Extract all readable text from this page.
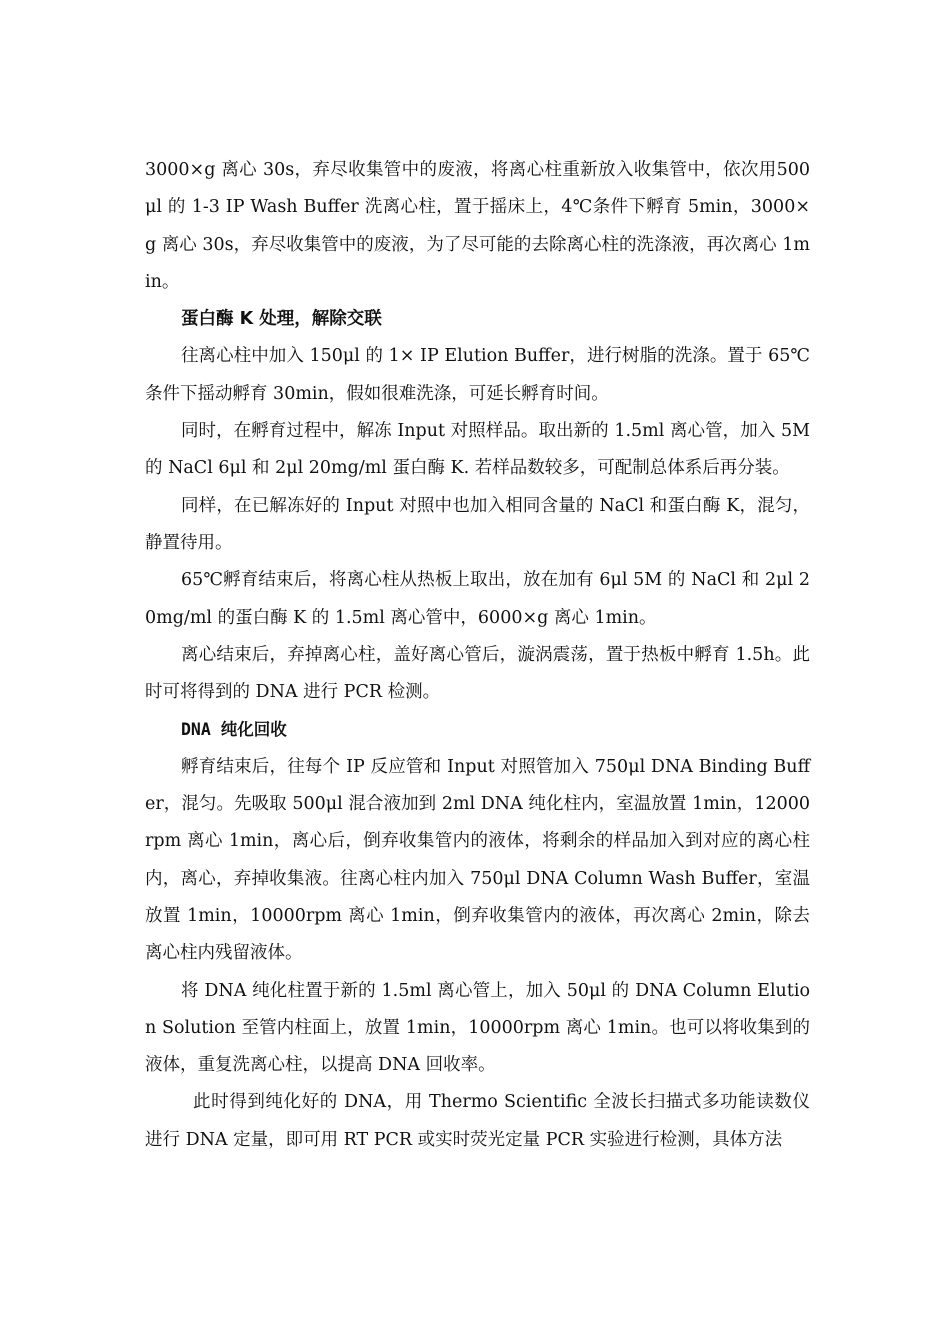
3000×g 离心 30s，弃尽收集管中的废液，将离心柱重新放入收集管中，依次用500μl 的 1-3 IP Wash Buffer 洗离心柱，置于摇床上，4℃条件下孵育 5min，3000×g 离心 30s，弃尽收集管中的废液，为了尽可能的去除离心柱的洗涤液，再次离心 1min。

蛋白酶 K 处理，解除交联

往离心柱中加入 150μl 的 1× IP Elution Buffer，进行树脂的洗涤。置于 65℃条件下摇动孵育 30min，假如很难洗涤，可延长孵育时间。

同时，在孵育过程中，解冻 Input 对照样品。取出新的 1.5ml 离心管，加入 5M 的 NaCl 6μl 和 2μl 20mg/ml 蛋白酶 K. 若样品数较多，可配制总体系后再分装。

同样，在已解冻好的 Input 对照中也加入相同含量的 NaCl 和蛋白酶 K，混匀，静置待用。

65℃孵育结束后，将离心柱从热板上取出，放在加有 6μl 5M 的 NaCl 和 2μl 20mg/ml 的蛋白酶 K 的 1.5ml 离心管中，6000×g 离心 1min。

离心结束后，弃掉离心柱，盖好离心管后，漩涡震荡，置于热板中孵育 1.5h。此时可将得到的 DNA 进行 PCR 检测。

DNA 纯化回收

孵育结束后，往每个 IP 反应管和 Input 对照管加入 750μl DNA Binding Buffer，混匀。先吸取 500μl 混合液加到 2ml DNA 纯化柱内，室温放置 1min，12000rpm 离心 1min，离心后，倒弃收集管内的液体，将剩余的样品加入到对应的离心柱内，离心，弃掉收集液。往离心柱内加入 750μl DNA Column Wash Buffer，室温放置 1min，10000rpm 离心 1min，倒弃收集管内的液体，再次离心 2min，除去离心柱内残留液体。

将 DNA 纯化柱置于新的 1.5ml 离心管上，加入 50μl 的 DNA Column Elution Solution 至管内柱面上，放置 1min，10000rpm 离心 1min。也可以将收集到的液体，重复洗离心柱，以提高 DNA 回收率。

此时得到纯化好的 DNA，用 Thermo Scientific 全波长扫描式多功能读数仪进行 DNA 定量，即可用 RT PCR 或实时荧光定量 PCR 实验进行检测，具体方法
